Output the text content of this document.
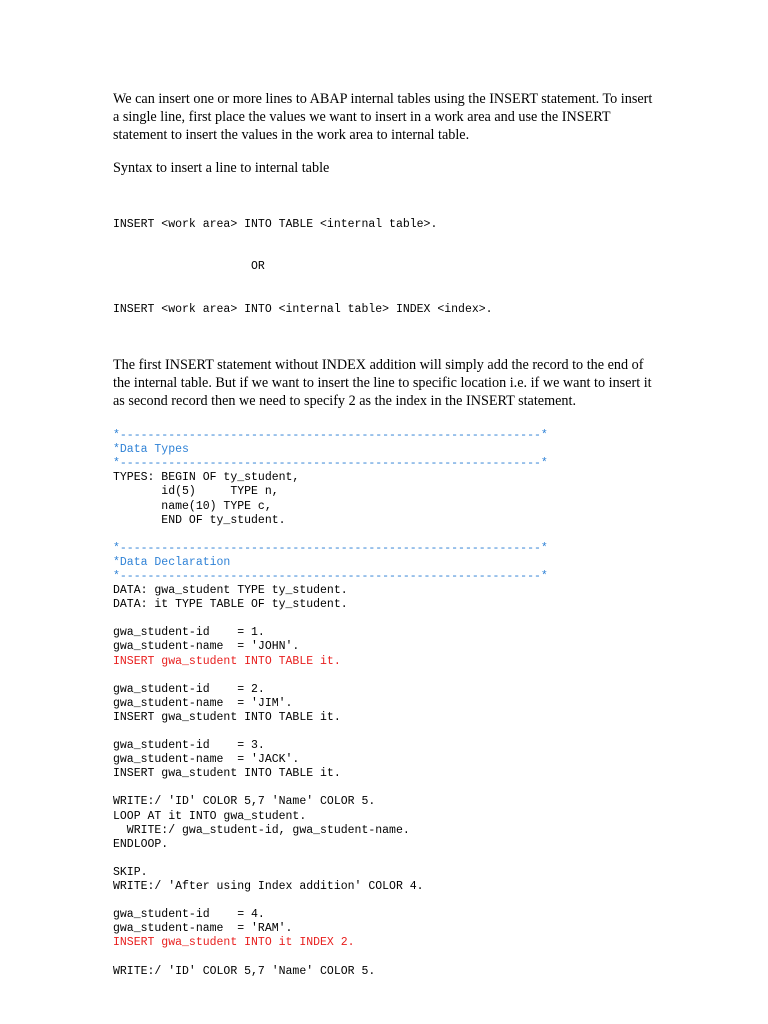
We can insert one or more lines to ABAP internal tables using the INSERT statement. To insert a single line, first place the values we want to insert in a work area and use the INSERT statement to insert the values in the work area to internal table.

Syntax to insert a line to internal table

INSERT <work area> INTO TABLE <internal table>.

OR

INSERT <work area> INTO <internal table> INDEX <index>.

The first INSERT statement without INDEX addition will simply add the record to the end of the internal table. But if we want to insert the line to specific location i.e. if we want to insert it as second record then we need to specify 2 as the index in the INSERT statement.

*-------------------------------------------------------------*
*Data Types
*-------------------------------------------------------------*
TYPES: BEGIN OF ty_student,
id(5)     TYPE n,
name(10) TYPE c,
END OF ty_student.
*-------------------------------------------------------------*
*Data Declaration
*-------------------------------------------------------------*
DATA: gwa_student TYPE ty_student.
DATA: it TYPE TABLE OF ty_student.
gwa_student-id    = 1.
gwa_student-name  = 'JOHN'.
INSERT gwa_student INTO TABLE it.
gwa_student-id    = 2.
gwa_student-name  = 'JIM'.
INSERT gwa_student INTO TABLE it.
gwa_student-id    = 3.
gwa_student-name  = 'JACK'.
INSERT gwa_student INTO TABLE it.
WRITE:/ 'ID' COLOR 5,7 'Name' COLOR 5.
LOOP AT it INTO gwa_student.
WRITE:/ gwa_student-id, gwa_student-name.
ENDLOOP.
SKIP.
WRITE:/ 'After using Index addition' COLOR 4.
gwa_student-id    = 4.
gwa_student-name  = 'RAM'.
INSERT gwa_student INTO it INDEX 2.
WRITE:/ 'ID' COLOR 5,7 'Name' COLOR 5.
